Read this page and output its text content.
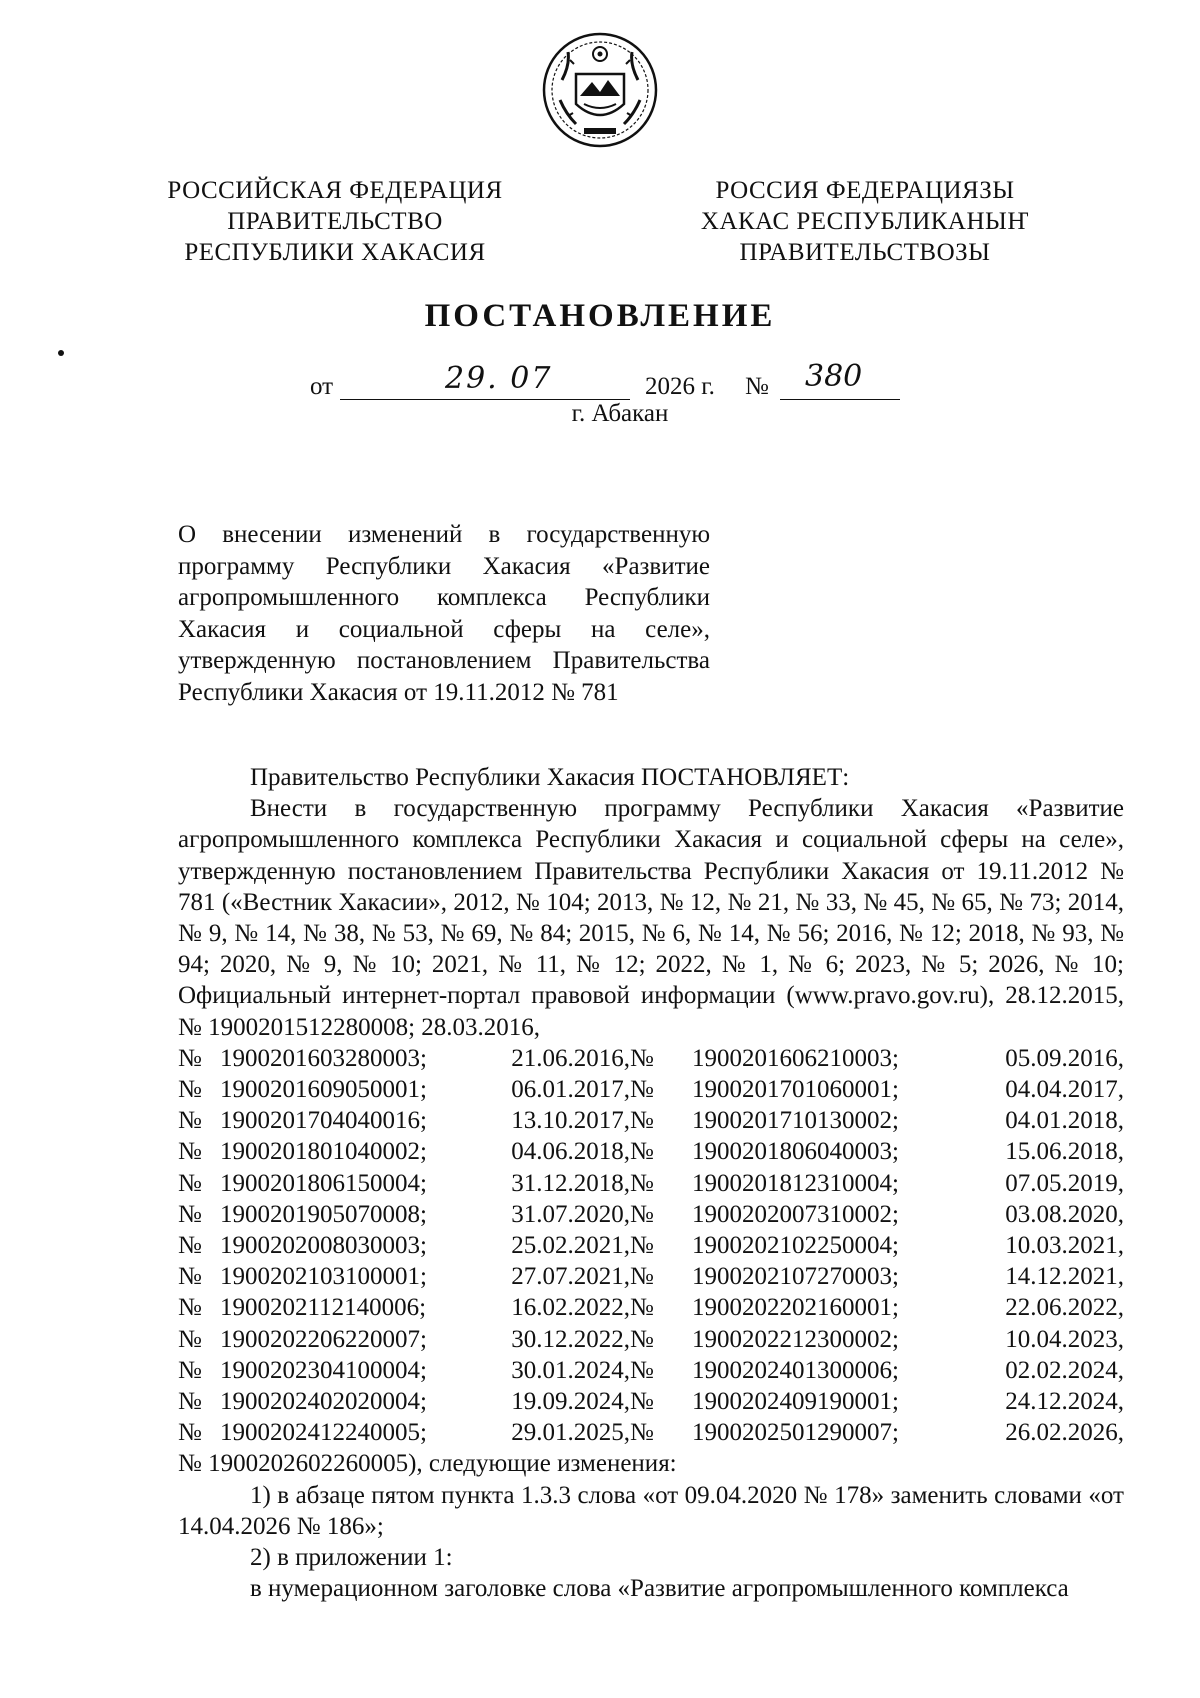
РОССИЙСКАЯ ФЕДЕРАЦИЯ
ПРАВИТЕЛЬСТВО
РЕСПУБЛИКИ ХАКАСИЯ
РОССИЯ ФЕДЕРАЦИЯЗЫ
ХАКАС РЕСПУБЛИКАНЫҤ
ПРАВИТЕЛЬСТВОЗЫ
ПОСТАНОВЛЕНИЕ
от	29. 07	2026 г. № 380
г. Абакан
О внесении изменений в государственную программу Республики Хакасия «Развитие агропромышленного комплекса Республики Хакасия и социальной сферы на селе», утвержденную постановлением Правительства Республики Хакасия от 19.11.2012 № 781

Правительство Республики Хакасия ПОСТАНОВЛЯЕТ:

Внести в государственную программу Республики Хакасия «Развитие агропромышленного комплекса Республики Хакасия и социальной сферы на селе», утвержденную постановлением Правительства Республики Хакасия от 19.11.2012 № 781 («Вестник Хакасии», 2012, № 104; 2013, № 12, № 21, № 33, № 45, № 65, № 73; 2014, № 9, № 14, № 38, № 53, № 69, № 84; 2015, № 6, № 14, № 56; 2016, № 12; 2018, № 93, № 94; 2020, № 9, № 10; 2021, № 11, № 12; 2022, № 1, № 6; 2023, № 5; 2026, № 10; Официальный интернет-портал правовой информации (www.pravo.gov.ru), 28.12.2015, № 1900201512280008; 28.03.2016,

№ 1900201603280003;	21.06.2016, №	1900201606210003;	05.09.2016,
№ 1900201609050001;	06.01.2017, №	1900201701060001;	04.04.2017,
№ 1900201704040016;	13.10.2017, №	1900201710130002;	04.01.2018,
№ 1900201801040002;	04.06.2018, №	1900201806040003;	15.06.2018,
№ 1900201806150004;	31.12.2018, №	1900201812310004;	07.05.2019,
№ 1900201905070008;	31.07.2020, №	1900202007310002;	03.08.2020,
№ 1900202008030003;	25.02.2021, №	1900202102250004;	10.03.2021,
№ 1900202103100001;	27.07.2021, №	1900202107270003;	14.12.2021,
№ 1900202112140006;	16.02.2022, №	1900202202160001;	22.06.2022,
№ 1900202206220007;	30.12.2022, №	1900202212300002;	10.04.2023,
№ 1900202304100004;	30.01.2024, №	1900202401300006;	02.02.2024,
№ 1900202402020004;	19.09.2024, №	1900202409190001;	24.12.2024,
№ 1900202412240005;	29.01.2025, №	1900202501290007;	26.02.2026,

№ 1900202602260005), следующие изменения:

1) в абзаце пятом пункта 1.3.3 слова «от 09.04.2020 № 178» заменить словами «от 14.04.2026 № 186»;

2) в приложении 1:

в нумерационном заголовке слова «Развитие агропромышленного комплекса
